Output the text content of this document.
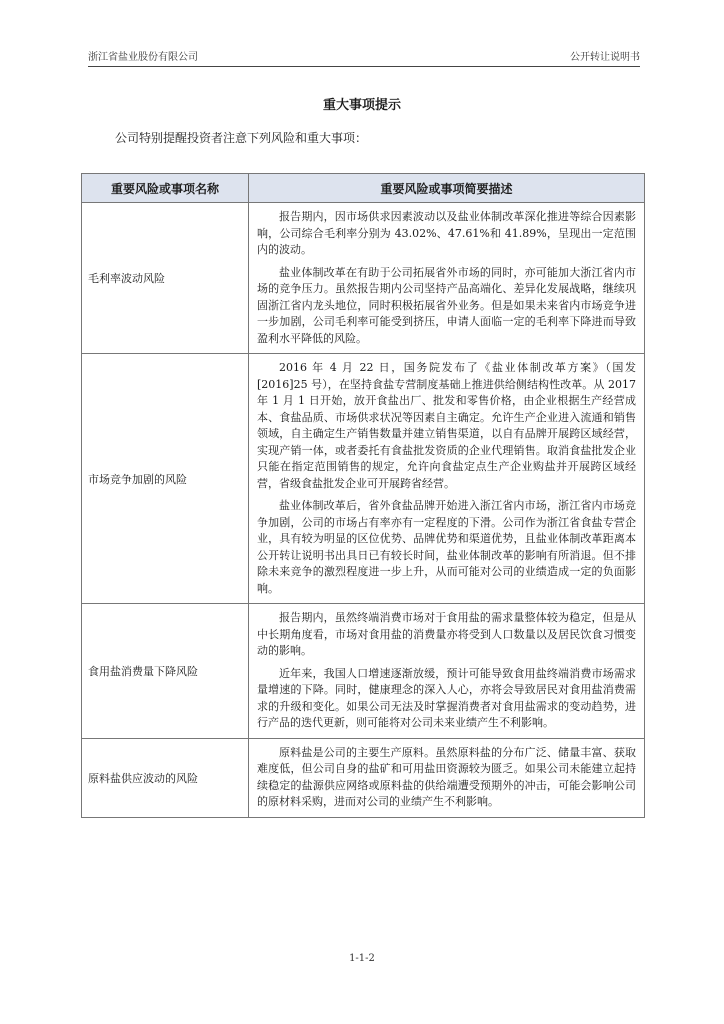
浙江省盐业股份有限公司	公开转让说明书
重大事项提示
公司特别提醒投资者注意下列风险和重大事项：
重要风险或事项名称	重要风险或事项简要描述
毛利率波动风险	报告期内，因市场供求因素波动以及盐业体制改革深化推进等综合因素影响，公司综合毛利率分别为 43.02%、47.61%和 41.89%，呈现出一定范围内的波动。

盐业体制改革在有助于公司拓展省外市场的同时，亦可能加大浙江省内市场的竞争压力。虽然报告期内公司坚持产品高端化、差异化发展战略，继续巩固浙江省内龙头地位，同时积极拓展省外业务。但是如果未来省内市场竞争进一步加剧，公司毛利率可能受到挤压，申请人面临一定的毛利率下降进而导致盈利水平降低的风险。

市场竞争加剧的风险	2016 年 4 月 22 日，国务院发布了《盐业体制改革方案》（国发[2016]25 号），在坚持食盐专营制度基础上推进供给侧结构性改革。从 2017 年 1 月 1 日开始，放开食盐出厂、批发和零售价格，由企业根据生产经营成本、食盐品质、市场供求状况等因素自主确定。允许生产企业进入流通和销售领域，自主确定生产销售数量并建立销售渠道，以自有品牌开展跨区域经营，实现产销一体，或者委托有食盐批发资质的企业代理销售。取消食盐批发企业只能在指定范围销售的规定，允许向食盐定点生产企业购盐并开展跨区域经营，省级食盐批发企业可开展跨省经营。

盐业体制改革后，省外食盐品牌开始进入浙江省内市场，浙江省内市场竞争加剧，公司的市场占有率亦有一定程度的下滑。公司作为浙江省食盐专营企业，具有较为明显的区位优势、品牌优势和渠道优势，且盐业体制改革距离本公开转让说明书出具日已有较长时间，盐业体制改革的影响有所消退。但不排除未来竞争的激烈程度进一步上升，从而可能对公司的业绩造成一定的负面影响。

食用盐消费量下降风险	报告期内，虽然终端消费市场对于食用盐的需求量整体较为稳定，但是从中长期角度看，市场对食用盐的消费量亦将受到人口数量以及居民饮食习惯变动的影响。

近年来，我国人口增速逐渐放缓，预计可能导致食用盐终端消费市场需求量增速的下降。同时，健康理念的深入人心，亦将会导致居民对食用盐消费需求的升级和变化。如果公司无法及时掌握消费者对食用盐需求的变动趋势，进行产品的迭代更新，则可能将对公司未来业绩产生不利影响。

原料盐供应波动的风险	原料盐是公司的主要生产原料。虽然原料盐的分布广泛、储量丰富、获取难度低，但公司自身的盐矿和可用盐田资源较为匮乏。如果公司未能建立起持续稳定的盐源供应网络或原料盐的供给端遭受预期外的冲击，可能会影响公司的原材料采购，进而对公司的业绩产生不利影响。

1-1-2
